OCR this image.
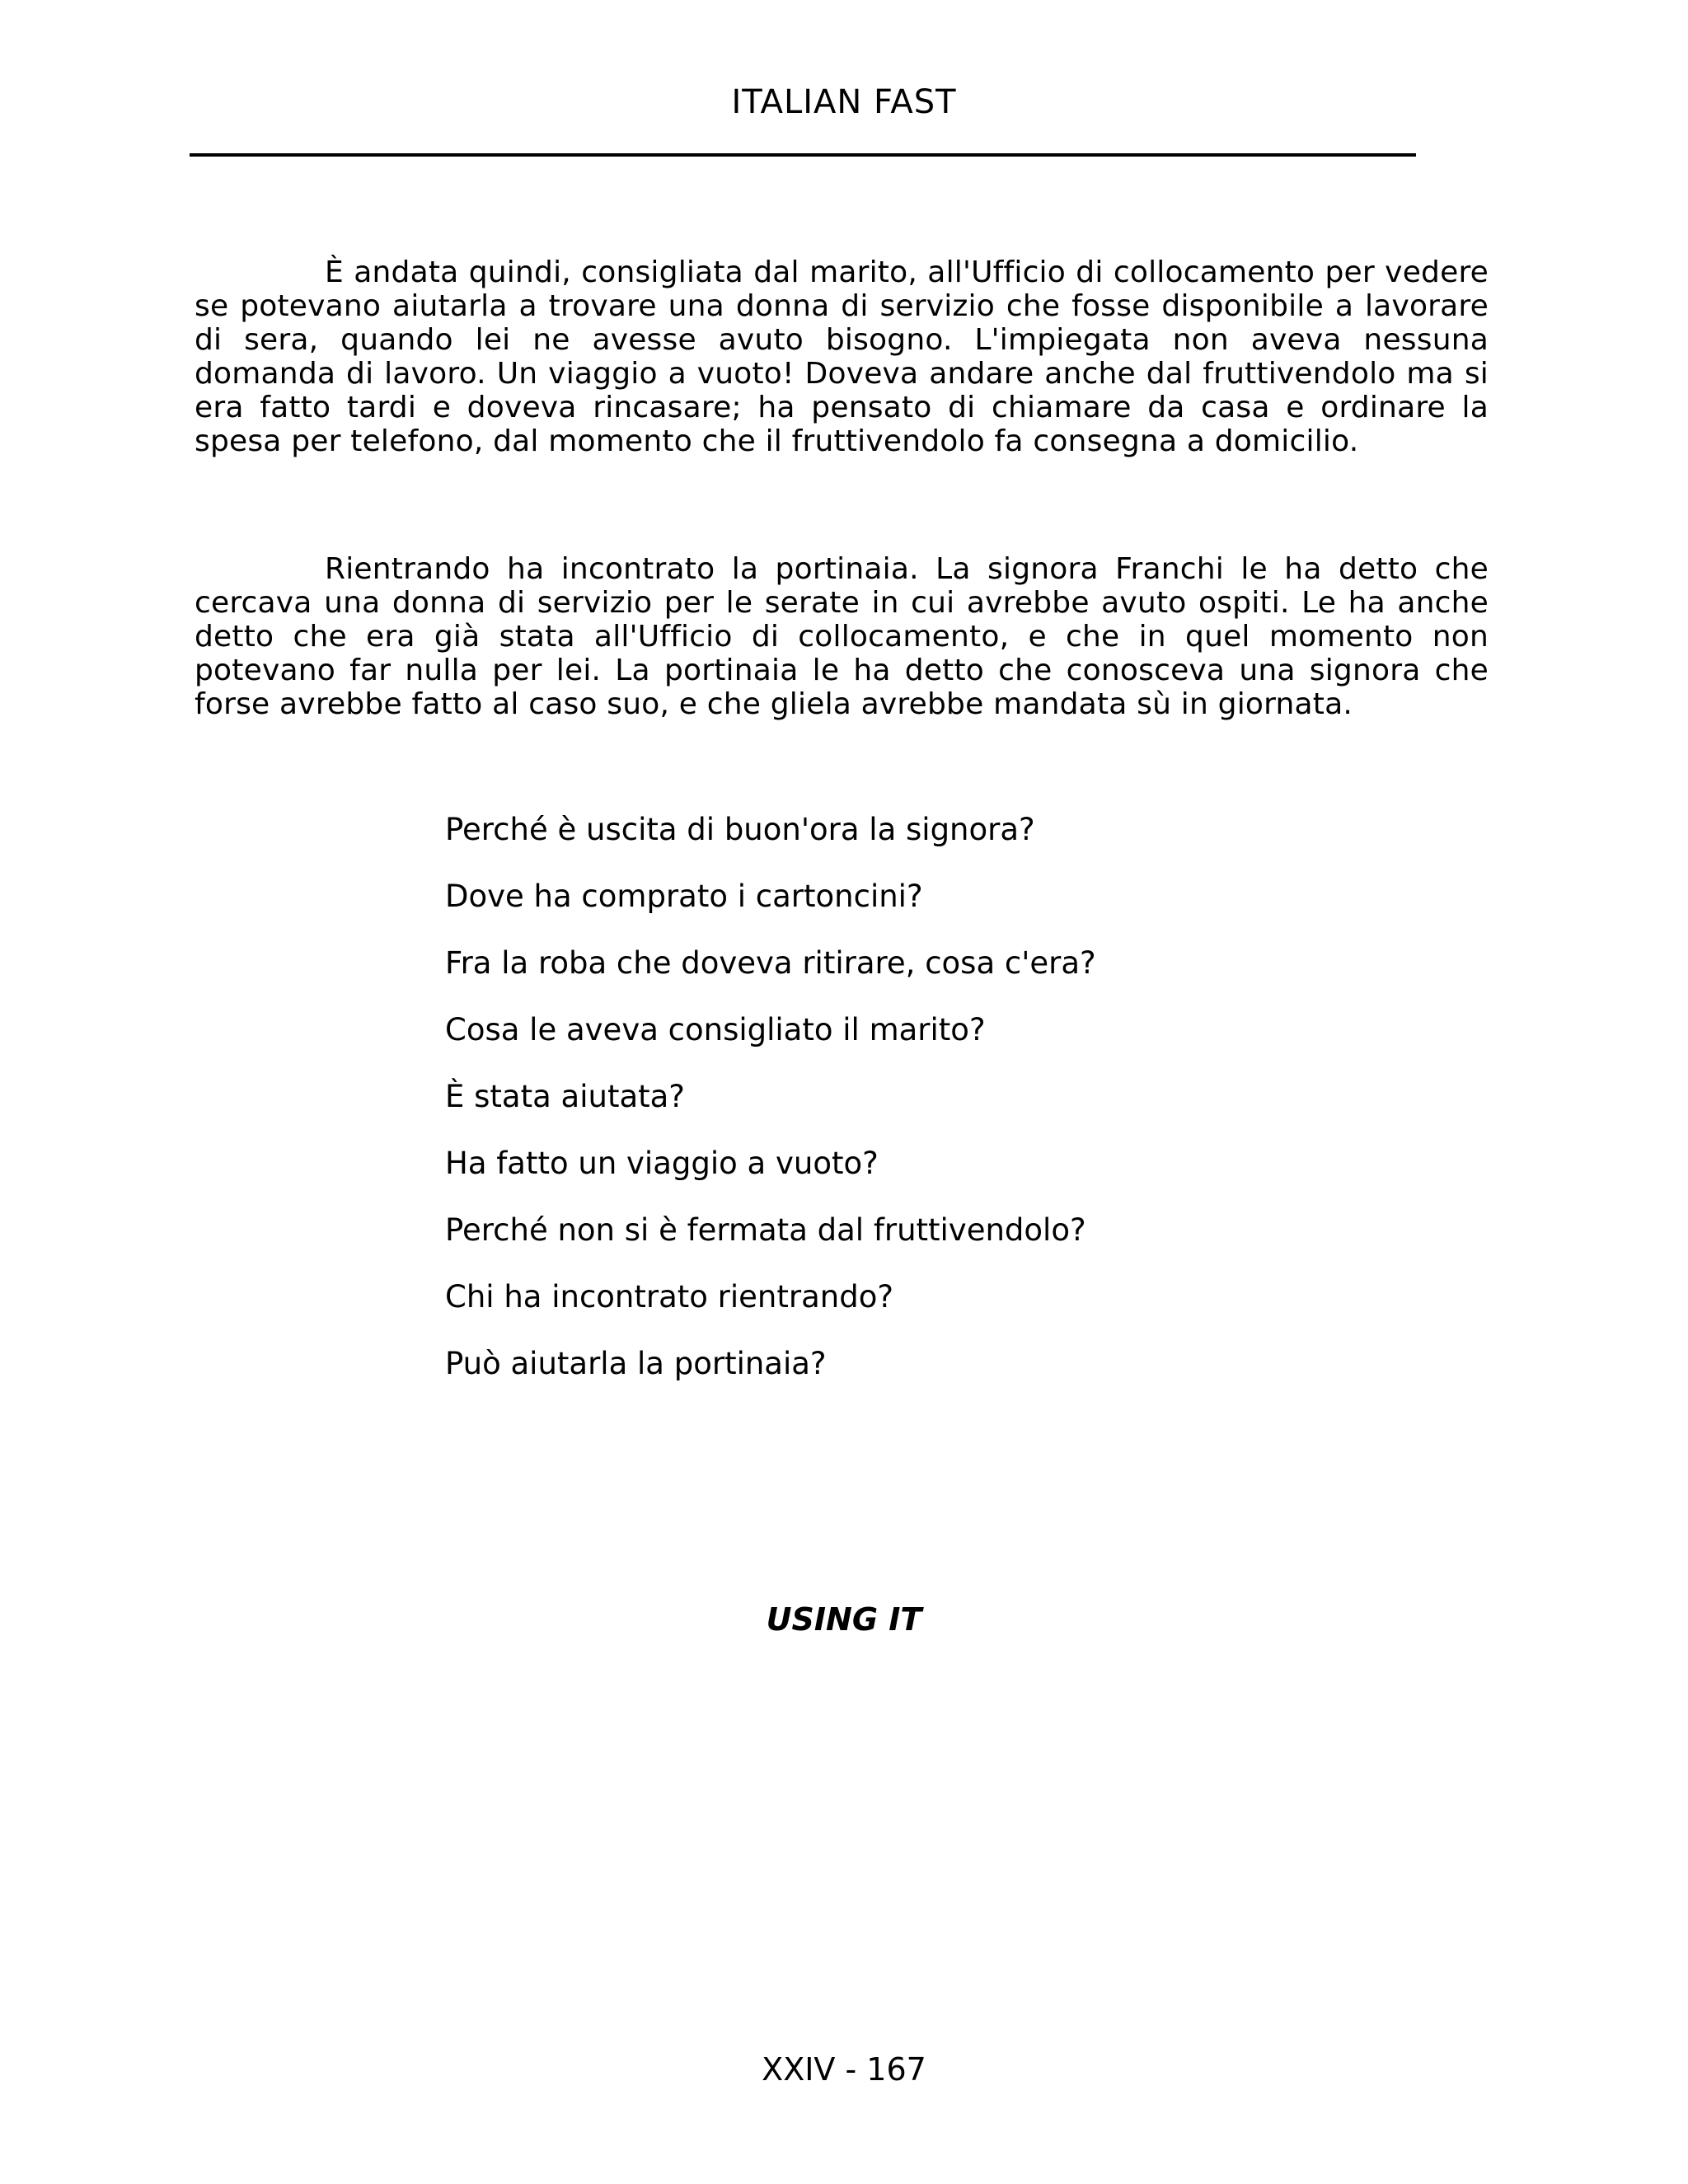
ITALIAN FAST

È andata quindi, consigliata dal marito, all'Ufficio di collocamento per vedere se potevano aiutarla a trovare una donna di servizio che fosse disponibile a lavorare di sera, quando lei ne avesse avuto bisogno. L'impiegata non aveva nessuna domanda di lavoro. Un viaggio a vuoto! Doveva andare anche dal fruttivendolo ma si era fatto tardi e doveva rincasare; ha pensato di chiamare da casa e ordinare la spesa per telefono, dal momento che il fruttivendolo fa consegna a domicilio.

Rientrando ha incontrato la portinaia. La signora Franchi le ha detto che cercava una donna di servizio per le serate in cui avrebbe avuto ospiti. Le ha anche detto che era già stata all'Ufficio di collocamento, e che in quel momento non potevano far nulla per lei. La portinaia le ha detto che conosceva una signora che forse avrebbe fatto al caso suo, e che gliela avrebbe mandata sù in giornata.

Perché è uscita di buon'ora la signora?
Dove ha comprato i cartoncini?
Fra la roba che doveva ritirare, cosa c'era?
Cosa le aveva consigliato il marito?
È stata aiutata?
Ha fatto un viaggio a vuoto?
Perché non si è fermata dal fruttivendolo?
Chi ha incontrato rientrando?
Può aiutarla la portinaia?
USING IT
XXIV - 167
